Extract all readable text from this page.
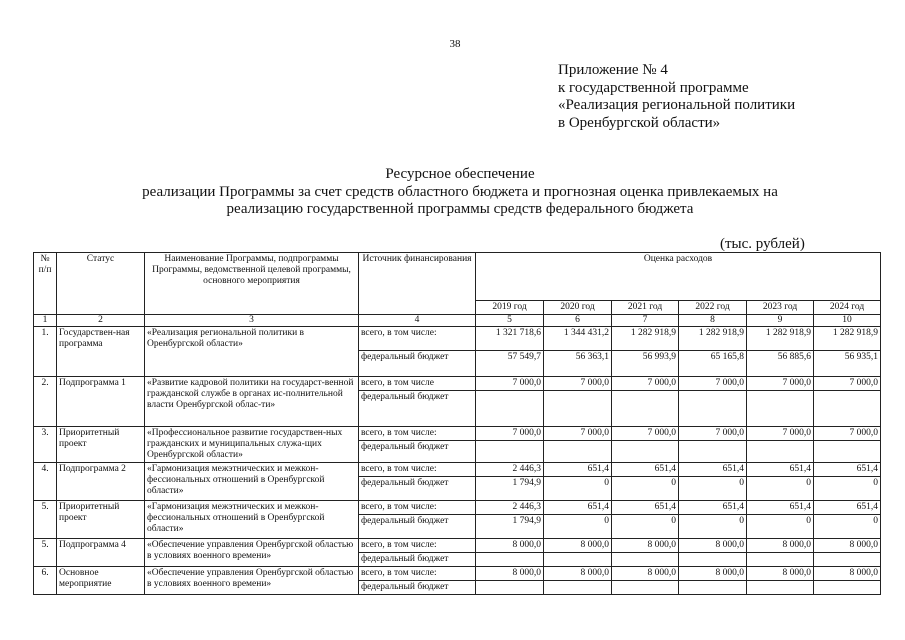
38
Приложение № 4
к государственной программе
«Реализация региональной политики
в Оренбургской области»
Ресурсное обеспечение
реализации Программы за счет средств областного бюджета и прогнозная оценка привлекаемых на
реализацию государственной программы средств федерального бюджета
(тыс. рублей)
№ п/п	Статус	Наименование Программы, подпрограммы Программы, ведомственной целевой программы, основного мероприятия	Источник финансирования	Оценка расходов					
				2019 год	2020 год	2021 год	2022 год	2023 год	2024 год
1	2	3	4	5	6	7	8	9	10
1.	Государствен-ная программа	«Реализация региональной политики в Оренбургской области»	всего, в том числе:	1 321 718,6	1 344 431,2	1 282 918,9	1 282 918,9	1 282 918,9	1 282 918,9
			федеральный бюджет	57 549,7	56 363,1	56 993,9	65 165,8	56 885,6	56 935,1
2.	Подпрограмма 1	«Развитие кадровой политики на государст-венной гражданской службе в органах ис-полнительной власти Оренбургской облас-ти»	всего, в том числе	7 000,0	7 000,0	7 000,0	7 000,0	7 000,0	7 000,0
			федеральный бюджет						
3.	Приоритетный проект	«Профессиональное развитие государствен-ных гражданских и муниципальных служа-щих Оренбургской области»	всего, в том числе:	7 000,0	7 000,0	7 000,0	7 000,0	7 000,0	7 000,0
			федеральный бюджет						
4.	Подпрограмма 2	«Гармонизация межэтнических и межкон-фессиональных отношений в Оренбургской области»	всего, в том числе:	2 446,3	651,4	651,4	651,4	651,4	651,4
			федеральный бюджет	1 794,9	0	0	0	0	0
5.	Приоритетный проект	«Гармонизация межэтнических и межкон-фессиональных отношений в Оренбургской области»	всего, в том числе:	2 446,3	651,4	651,4	651,4	651,4	651,4
			федеральный бюджет	1 794,9	0	0	0	0	0
5.	Подпрограмма 4	«Обеспечение управления Оренбургской областью в условиях военного времени»	всего, в том числе:	8 000,0	8 000,0	8 000,0	8 000,0	8 000,0	8 000,0
			федеральный бюджет						
6.	Основное мероприятие	«Обеспечение управления Оренбургской областью в условиях военного времени»	всего, в том числе:	8 000,0	8 000,0	8 000,0	8 000,0	8 000,0	8 000,0
			федеральный бюджет						
